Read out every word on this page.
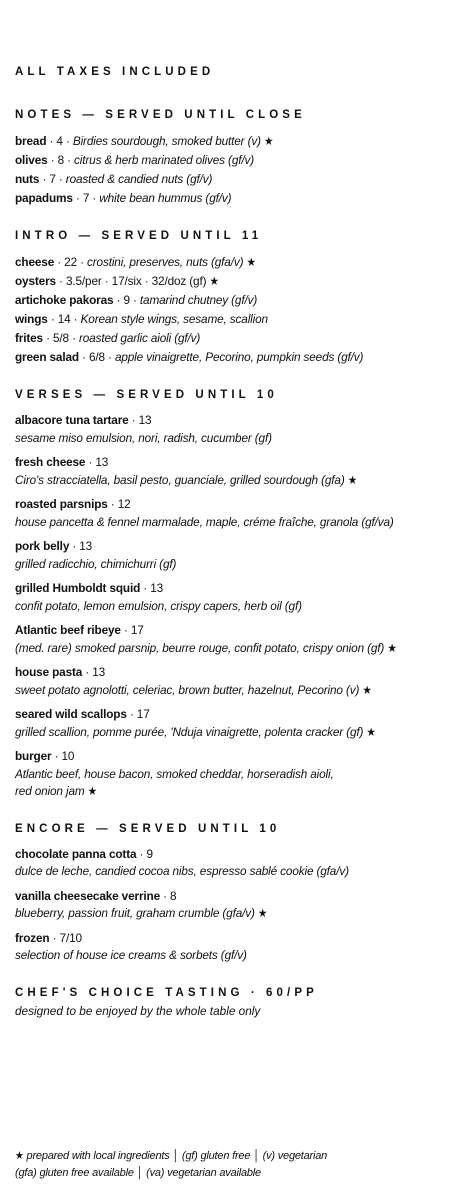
ALL TAXES INCLUDED
NOTES — SERVED UNTIL CLOSE
bread · 4 · Birdies sourdough, smoked butter (v) ★
olives · 8 · citrus & herb marinated olives (gf/v)
nuts · 7 · roasted & candied nuts (gf/v)
papadums · 7 · white bean hummus (gf/v)
INTRO — SERVED UNTIL 11
cheese · 22 · crostini, preserves, nuts (gfa/v) ★
oysters · 3.5/per · 17/six · 32/doz (gf) ★
artichoke pakoras · 9 · tamarind chutney (gf/v)
wings · 14 · Korean style wings, sesame, scallion
frites · 5/8 · roasted garlic aioli (gf/v)
green salad · 6/8 · apple vinaigrette, Pecorino, pumpkin seeds (gf/v)
VERSES — SERVED UNTIL 10
albacore tuna tartare · 13
sesame miso emulsion, nori, radish, cucumber (gf)
fresh cheese · 13
Ciro's stracciatella, basil pesto, guanciale, grilled sourdough (gfa) ★
roasted parsnips · 12
house pancetta & fennel marmalade, maple, créme fraîche, granola (gf/va)
pork belly · 13
grilled radicchio, chimichurri (gf)
grilled Humboldt squid · 13
confit potato, lemon emulsion, crispy capers, herb oil (gf)
Atlantic beef ribeye · 17
(med. rare) smoked parsnip, beurre rouge, confit potato, crispy onion (gf) ★
house pasta · 13
sweet potato agnolotti, celeriac, brown butter, hazelnut, Pecorino (v) ★
seared wild scallops · 17
grilled scallion, pomme purée, 'Nduja vinaigrette, polenta cracker (gf) ★
burger · 10
Atlantic beef, house bacon, smoked cheddar, horseradish aioli,
red onion jam ★
ENCORE — SERVED UNTIL 10
chocolate panna cotta · 9
dulce de leche, candied cocoa nibs, espresso sablé cookie (gfa/v)
vanilla cheesecake verrine · 8
blueberry, passion fruit, graham crumble (gfa/v) ★
frozen · 7/10
selection of house ice creams & sorbets (gf/v)
CHEF'S CHOICE TASTING · 60/PP
designed to be enjoyed by the whole table only
★ prepared with local ingredients │ (gf) gluten free │ (v) vegetarian
(gfa) gluten free available │ (va) vegetarian available
